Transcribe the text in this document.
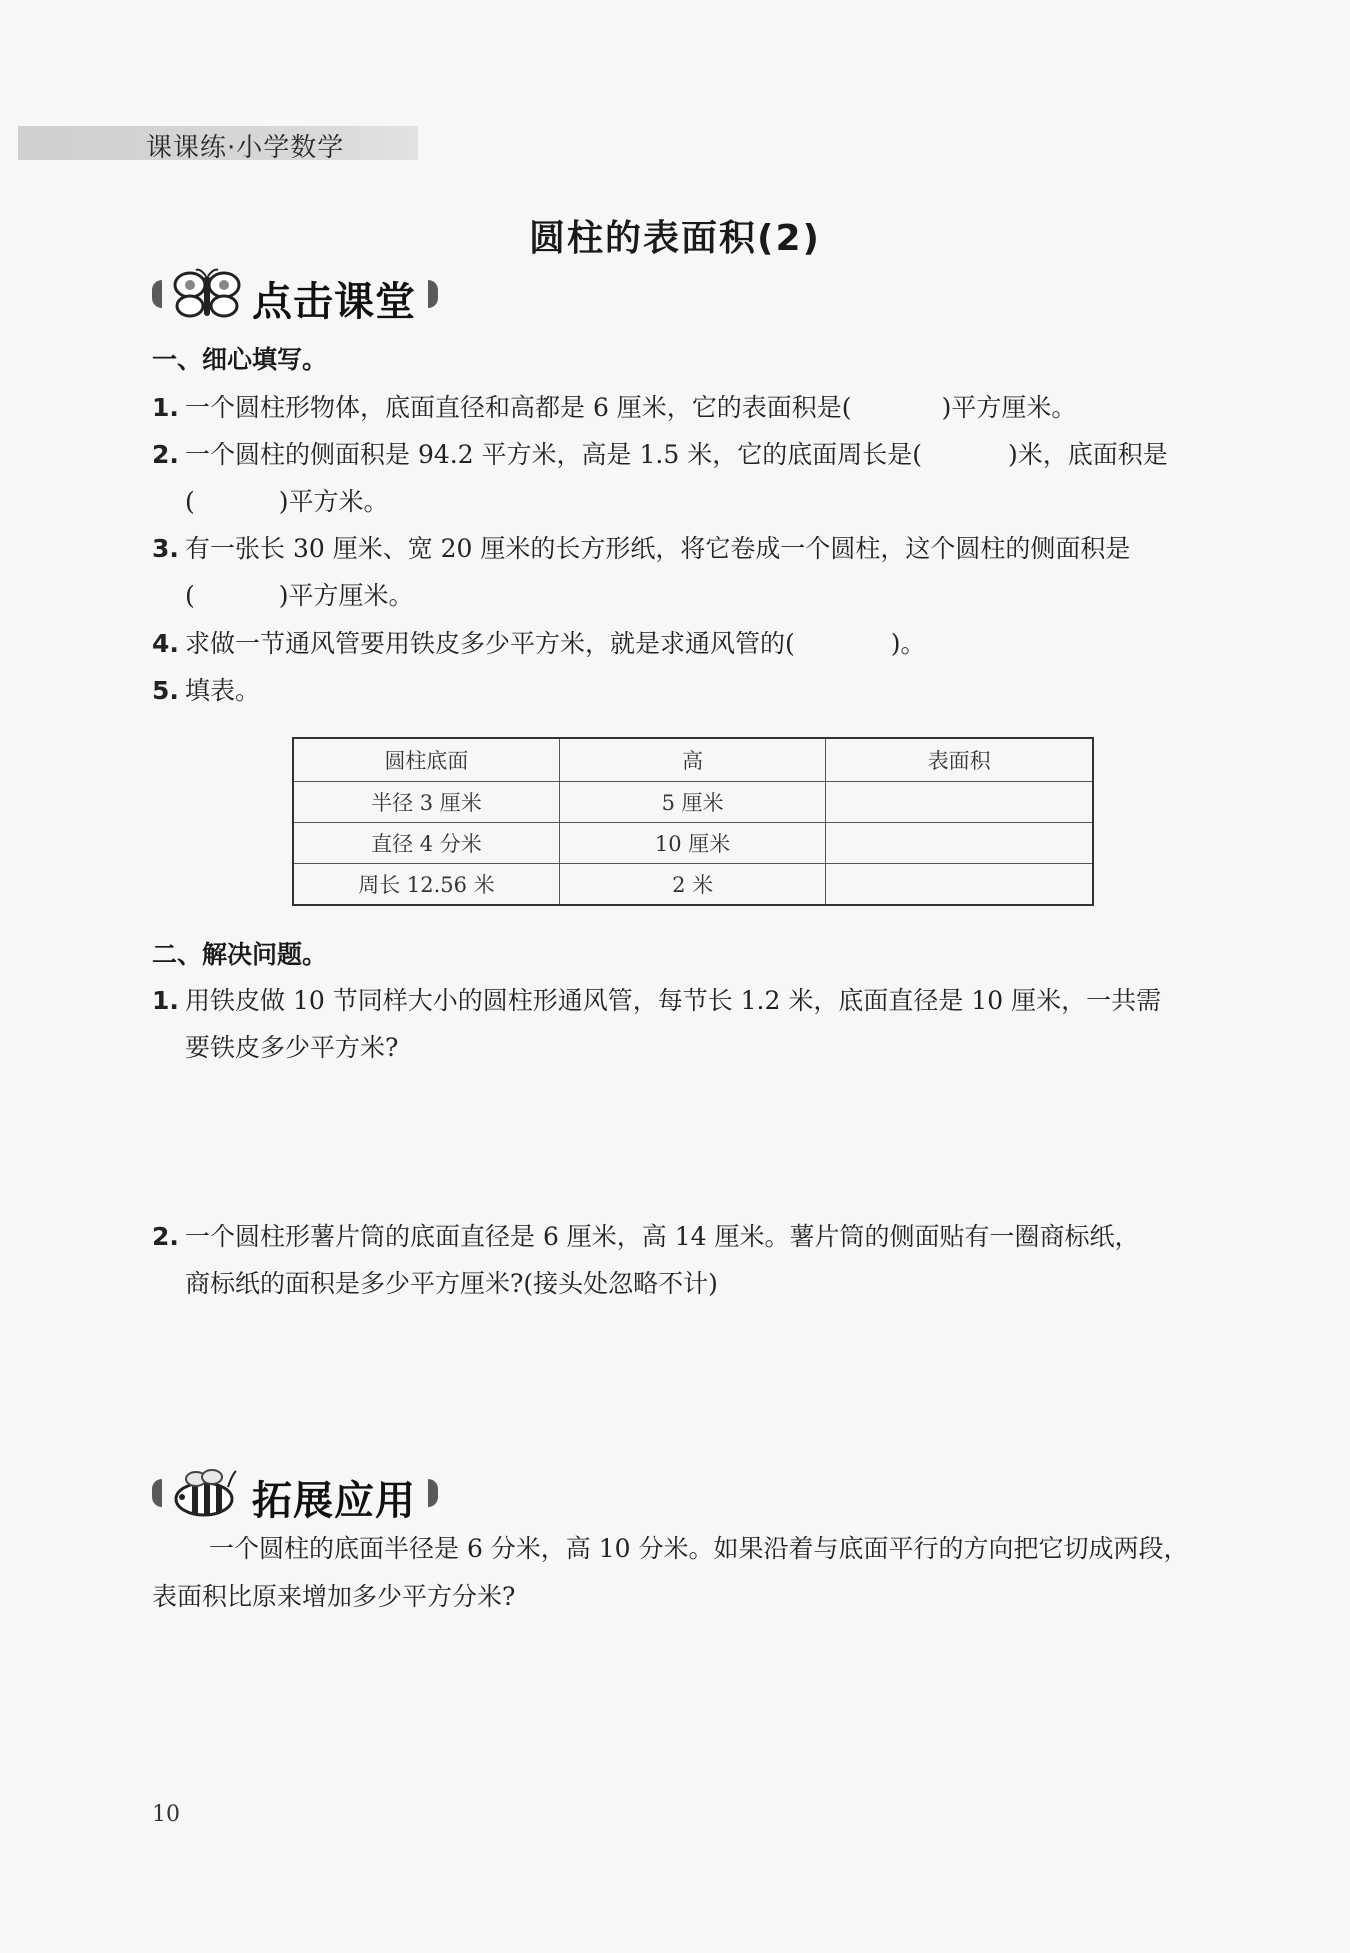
课课练·小学数学
圆柱的表面积(2)
点击课堂
一、细心填写。
1. 一个圆柱形物体，底面直径和高都是 6 厘米，它的表面积是(	)平方厘米。
2. 一个圆柱的侧面积是 94.2 平方米，高是 1.5 米，它的底面周长是(	)米，底面积是
(	)平方米。
3. 有一张长 30 厘米、宽 20 厘米的长方形纸，将它卷成一个圆柱，这个圆柱的侧面积是
(	)平方厘米。
4. 求做一节通风管要用铁皮多少平方米，就是求通风管的(	)。
5. 填表。
圆柱底面	高	表面积
半径 3 厘米	5 厘米	
直径 4 分米	10 厘米	
周长 12.56 米	2 米	
二、解决问题。
1. 用铁皮做 10 节同样大小的圆柱形通风管，每节长 1.2 米，底面直径是 10 厘米，一共需
要铁皮多少平方米?
2. 一个圆柱形薯片筒的底面直径是 6 厘米，高 14 厘米。薯片筒的侧面贴有一圈商标纸，
商标纸的面积是多少平方厘米?(接头处忽略不计)
拓展应用
一个圆柱的底面半径是 6 分米，高 10 分米。如果沿着与底面平行的方向把它切成两段，表面积比原来增加多少平方分米?
10
